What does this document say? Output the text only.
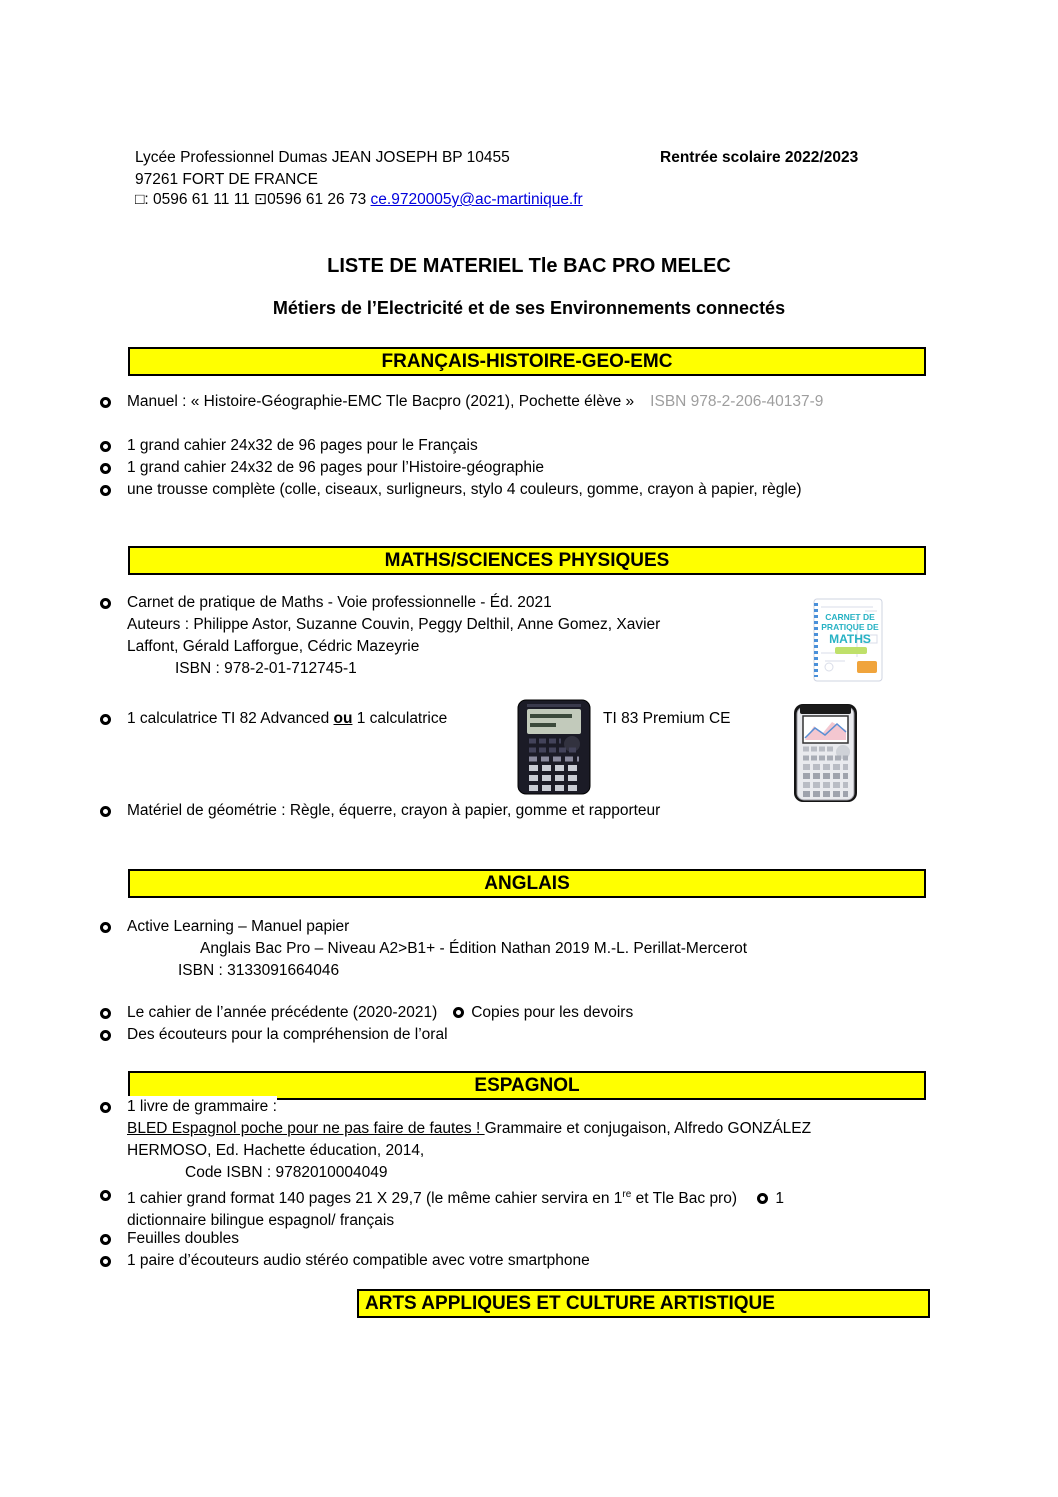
Lycée Professionnel Dumas JEAN JOSEPH BP 10455	Rentrée scolaire 2022/2023
97261 FORT DE FRANCE
□: 0596 61 11 11 ⊡0596 61 26 73 ce.9720005y@ac-martinique.fr
LISTE DE MATERIEL Tle BAC PRO MELEC
Métiers de l’Electricité et de ses Environnements connectés
FRANÇAIS-HISTOIRE-GEO-EMC
Manuel : « Histoire-Géographie-EMC Tle Bacpro (2021), Pochette élève » ISBN 978-2-206-40137-9
1 grand cahier 24x32 de 96 pages pour le Français
1 grand cahier 24x32 de 96 pages pour l’Histoire-géographie
une trousse complète (colle, ciseaux, surligneurs, stylo 4 couleurs, gomme, crayon à papier, règle)
MATHS/SCIENCES PHYSIQUES
Carnet de pratique de Maths - Voie professionnelle - Éd. 2021
Auteurs : Philippe Astor, Suzanne Couvin, Peggy Delthil, Anne Gomez, Xavier
Laffont, Gérald Lafforgue, Cédric Mazeyrie
ISBN : 978-2-01-712745-1
CARNET DE
PRATIQUE DE
MATHS
1 calculatrice TI 82 Advanced ou 1 calculatrice	TI 83 Premium CE
Matériel de géométrie : Règle, équerre, crayon à papier, gomme et rapporteur
ANGLAIS
Active Learning – Manuel papier
Anglais Bac Pro – Niveau A2>B1+ - Édition Nathan 2019 M.-L. Perillat-Mercerot
ISBN : 3133091664046
Le cahier de l’année précédente (2020-2021) Copies pour les devoirs
Des écouteurs pour la compréhension de l’oral
ESPAGNOL
1 livre de grammaire :
BLED Espagnol poche pour ne pas faire de fautes ! Grammaire et conjugaison, Alfredo GONZÁLEZ
HERMOSO, Ed. Hachette éducation, 2014,
Code ISBN : 9782010004049
1 cahier grand format 140 pages 21 X 29,7 (le même cahier servira en 1re et Tle Bac pro) 1
dictionnaire bilingue espagnol/ français
Feuilles doubles
1 paire d’écouteurs audio stéréo compatible avec votre smartphone
ARTS APPLIQUES ET CULTURE ARTISTIQUE
